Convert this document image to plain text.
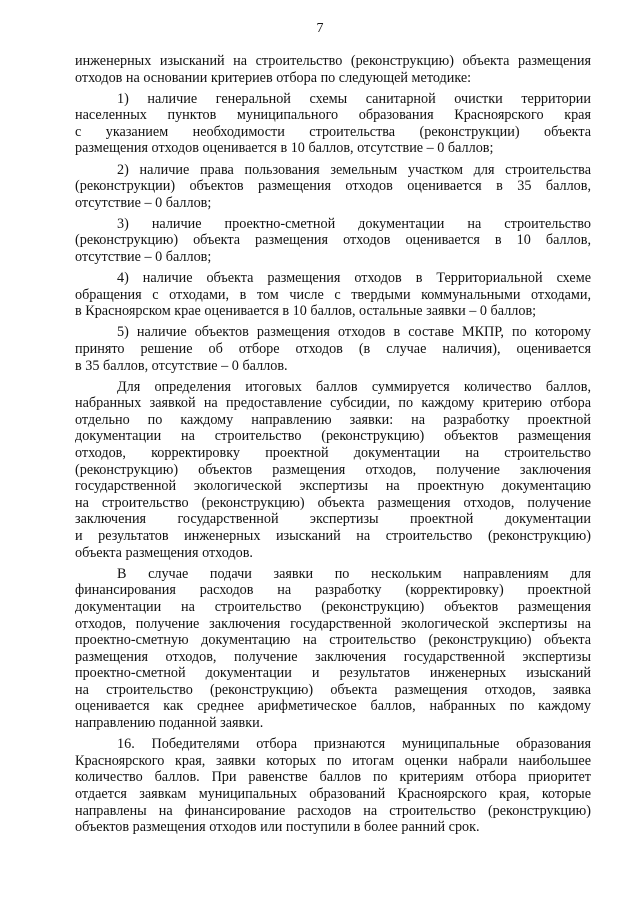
7
инженерных изысканий на строительство (реконструкцию) объекта размещения
отходов на основании критериев отбора по следующей методике:
1) наличие генеральной схемы санитарной очистки территории
населенных пунктов муниципального образования Красноярского края
с указанием необходимости строительства (реконструкции) объекта
размещения отходов оценивается в 10 баллов, отсутствие – 0 баллов;
2) наличие права пользования земельным участком для строительства
(реконструкции) объектов размещения отходов оценивается в 35 баллов,
отсутствие – 0 баллов;
3) наличие проектно-сметной документации на строительство
(реконструкцию) объекта размещения отходов оценивается в 10 баллов,
отсутствие – 0 баллов;
4) наличие объекта размещения отходов в Территориальной схеме
обращения с отходами, в том числе с твердыми коммунальными отходами,
в Красноярском крае оценивается в 10 баллов, остальные заявки – 0 баллов;
5) наличие объектов размещения отходов в составе МКПР, по которому
принято решение об отборе отходов (в случае наличия), оценивается
в 35 баллов, отсутствие – 0 баллов.
Для определения итоговых баллов суммируется количество баллов,
набранных заявкой на предоставление субсидии, по каждому критерию отбора
отдельно по каждому направлению заявки: на разработку проектной
документации на строительство (реконструкцию) объектов размещения
отходов, корректировку проектной документации на строительство
(реконструкцию) объектов размещения отходов, получение заключения
государственной экологической экспертизы на проектную документацию
на строительство (реконструкцию) объекта размещения отходов, получение
заключения государственной экспертизы проектной документации
и результатов инженерных изысканий на строительство (реконструкцию)
объекта размещения отходов.
В случае подачи заявки по нескольким направлениям для
финансирования расходов на разработку (корректировку) проектной
документации на строительство (реконструкцию) объектов размещения
отходов, получение заключения государственной экологической экспертизы на
проектно-сметную документацию на строительство (реконструкцию) объекта
размещения отходов, получение заключения государственной экспертизы
проектно-сметной документации и результатов инженерных изысканий
на строительство (реконструкцию) объекта размещения отходов, заявка
оценивается как среднее арифметическое баллов, набранных по каждому
направлению поданной заявки.
16. Победителями отбора признаются муниципальные образования
Красноярского края, заявки которых по итогам оценки набрали наибольшее
количество баллов. При равенстве баллов по критериям отбора приоритет
отдается заявкам муниципальных образований Красноярского края, которые
направлены на финансирование расходов на строительство (реконструкцию)
объектов размещения отходов или поступили в более ранний срок.
